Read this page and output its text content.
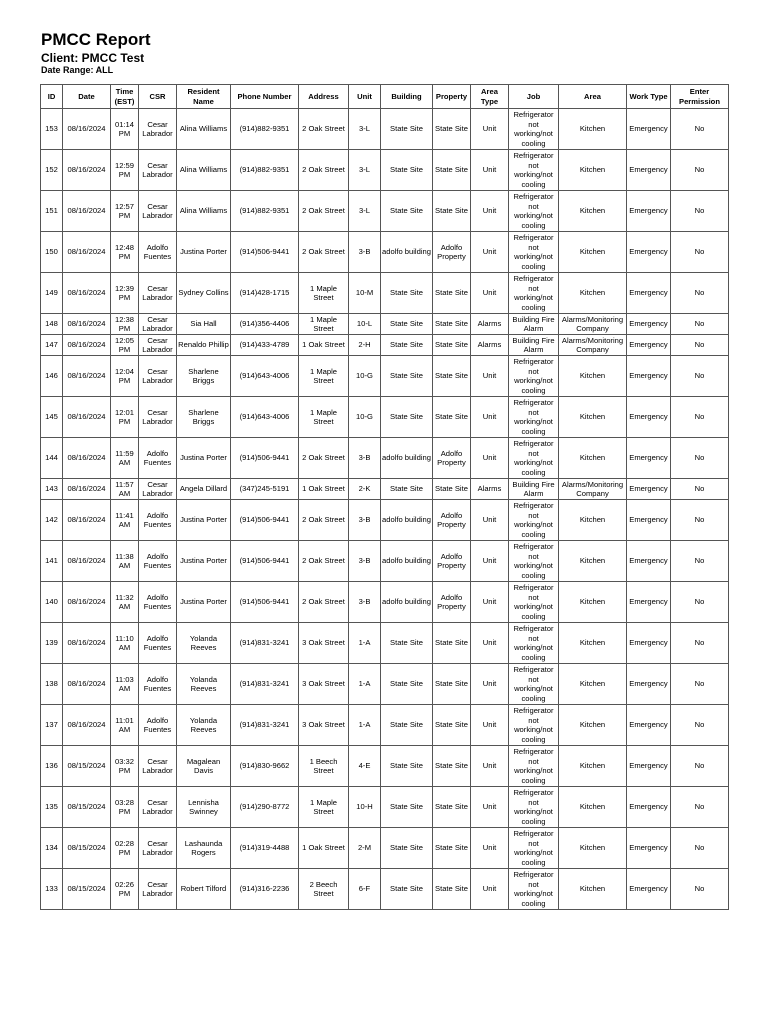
PMCC Report
Client: PMCC Test
Date Range: ALL
ID	Date	Time (EST)	CSR	Resident Name	Phone Number	Address	Unit	Building	Property	Area Type	Job	Area	Work Type	Enter Permission
153	08/16/2024	01:14 PM	Cesar Labrador	Alina Williams	(914)882-9351	2 Oak Street	3-L	State Site	State Site	Unit	Refrigerator not working/not cooling	Kitchen	Emergency	No
152	08/16/2024	12:59 PM	Cesar Labrador	Alina Williams	(914)882-9351	2 Oak Street	3-L	State Site	State Site	Unit	Refrigerator not working/not cooling	Kitchen	Emergency	No
151	08/16/2024	12:57 PM	Cesar Labrador	Alina Williams	(914)882-9351	2 Oak Street	3-L	State Site	State Site	Unit	Refrigerator not working/not cooling	Kitchen	Emergency	No
150	08/16/2024	12:48 PM	Adolfo Fuentes	Justina Porter	(914)506-9441	2 Oak Street	3-B	adolfo building	Adolfo Property	Unit	Refrigerator not working/not cooling	Kitchen	Emergency	No
149	08/16/2024	12:39 PM	Cesar Labrador	Sydney Collins	(914)428-1715	1 Maple Street	10-M	State Site	State Site	Unit	Refrigerator not working/not cooling	Kitchen	Emergency	No
148	08/16/2024	12:38 PM	Cesar Labrador	Sia Hall	(914)356-4406	1 Maple Street	10-L	State Site	State Site	Alarms	Building Fire Alarm	Alarms/Monitoring Company	Emergency	No
147	08/16/2024	12:05 PM	Cesar Labrador	Renaldo Phillip	(914)433-4789	1 Oak Street	2-H	State Site	State Site	Alarms	Building Fire Alarm	Alarms/Monitoring Company	Emergency	No
146	08/16/2024	12:04 PM	Cesar Labrador	Sharlene Briggs	(914)643-4006	1 Maple Street	10-G	State Site	State Site	Unit	Refrigerator not working/not cooling	Kitchen	Emergency	No
145	08/16/2024	12:01 PM	Cesar Labrador	Sharlene Briggs	(914)643-4006	1 Maple Street	10-G	State Site	State Site	Unit	Refrigerator not working/not cooling	Kitchen	Emergency	No
144	08/16/2024	11:59 AM	Adolfo Fuentes	Justina Porter	(914)506-9441	2 Oak Street	3-B	adolfo building	Adolfo Property	Unit	Refrigerator not working/not cooling	Kitchen	Emergency	No
143	08/16/2024	11:57 AM	Cesar Labrador	Angela Dillard	(347)245-5191	1 Oak Street	2-K	State Site	State Site	Alarms	Building Fire Alarm	Alarms/Monitoring Company	Emergency	No
142	08/16/2024	11:41 AM	Adolfo Fuentes	Justina Porter	(914)506-9441	2 Oak Street	3-B	adolfo building	Adolfo Property	Unit	Refrigerator not working/not cooling	Kitchen	Emergency	No
141	08/16/2024	11:38 AM	Adolfo Fuentes	Justina Porter	(914)506-9441	2 Oak Street	3-B	adolfo building	Adolfo Property	Unit	Refrigerator not working/not cooling	Kitchen	Emergency	No
140	08/16/2024	11:32 AM	Adolfo Fuentes	Justina Porter	(914)506-9441	2 Oak Street	3-B	adolfo building	Adolfo Property	Unit	Refrigerator not working/not cooling	Kitchen	Emergency	No
139	08/16/2024	11:10 AM	Adolfo Fuentes	Yolanda Reeves	(914)831-3241	3 Oak Street	1-A	State Site	State Site	Unit	Refrigerator not working/not cooling	Kitchen	Emergency	No
138	08/16/2024	11:03 AM	Adolfo Fuentes	Yolanda Reeves	(914)831-3241	3 Oak Street	1-A	State Site	State Site	Unit	Refrigerator not working/not cooling	Kitchen	Emergency	No
137	08/16/2024	11:01 AM	Adolfo Fuentes	Yolanda Reeves	(914)831-3241	3 Oak Street	1-A	State Site	State Site	Unit	Refrigerator not working/not cooling	Kitchen	Emergency	No
136	08/15/2024	03:32 PM	Cesar Labrador	Magalean Davis	(914)830-9662	1 Beech Street	4-E	State Site	State Site	Unit	Refrigerator not working/not cooling	Kitchen	Emergency	No
135	08/15/2024	03:28 PM	Cesar Labrador	Lennisha Swinney	(914)290-8772	1 Maple Street	10-H	State Site	State Site	Unit	Refrigerator not working/not cooling	Kitchen	Emergency	No
134	08/15/2024	02:28 PM	Cesar Labrador	Lashaunda Rogers	(914)319-4488	1 Oak Street	2-M	State Site	State Site	Unit	Refrigerator not working/not cooling	Kitchen	Emergency	No
133	08/15/2024	02:26 PM	Cesar Labrador	Robert Tilford	(914)316-2236	2 Beech Street	6-F	State Site	State Site	Unit	Refrigerator not working/not cooling	Kitchen	Emergency	No
